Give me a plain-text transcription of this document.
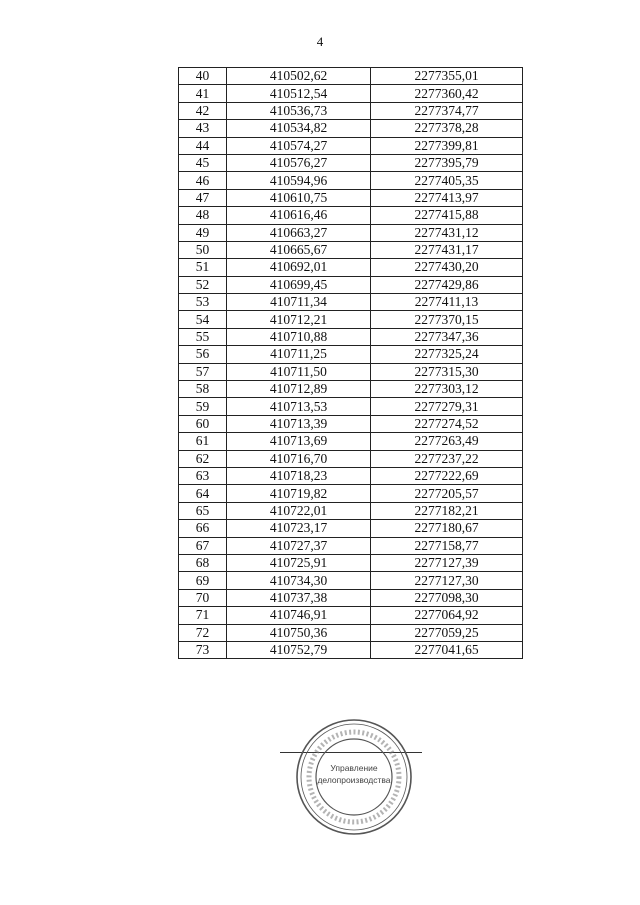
4
40	410502,62	2277355,01
41	410512,54	2277360,42
42	410536,73	2277374,77
43	410534,82	2277378,28
44	410574,27	2277399,81
45	410576,27	2277395,79
46	410594,96	2277405,35
47	410610,75	2277413,97
48	410616,46	2277415,88
49	410663,27	2277431,12
50	410665,67	2277431,17
51	410692,01	2277430,20
52	410699,45	2277429,86
53	410711,34	2277411,13
54	410712,21	2277370,15
55	410710,88	2277347,36
56	410711,25	2277325,24
57	410711,50	2277315,30
58	410712,89	2277303,12
59	410713,53	2277279,31
60	410713,39	2277274,52
61	410713,69	2277263,49
62	410716,70	2277237,22
63	410718,23	2277222,69
64	410719,82	2277205,57
65	410722,01	2277182,21
66	410723,17	2277180,67
67	410727,37	2277158,77
68	410725,91	2277127,39
69	410734,30	2277127,30
70	410737,38	2277098,30
71	410746,91	2277064,92
72	410750,36	2277059,25
73	410752,79	2277041,65
Управление
делопроизводства
